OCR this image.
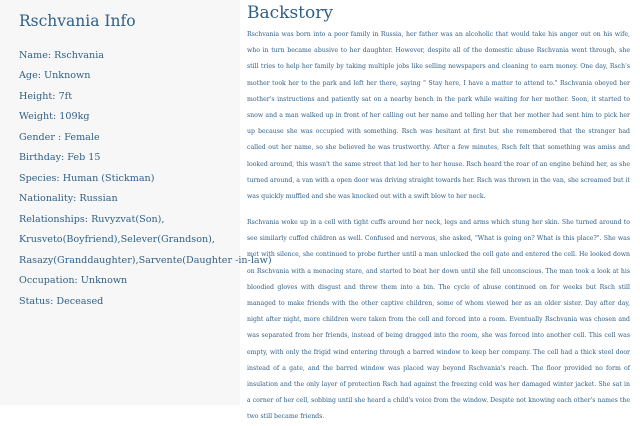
Rschvania Info
Name: Rschvania
Age: Unknown
Height: 7ft
Weight: 109kg
Gender : Female
Birthday: Feb 15
Species: Human (Stickman)
Nationality: Russian
Relationships: Ruvyzvat(Son),
Krusveto(Boyfriend),Selever(Grandson),
Rasazy(Granddaughter),Sarvente(Daughter -in-law)
Occupation: Unknown
Status: Deceased
Backstory

Rschvania was born into a poor family in Russia, her father was an alcoholic that would take his anger out on his wife, who in turn became abusive to her daughter. However, despite all of the domestic abuse Rschvania went through, she still tries to help her family by taking multiple jobs like selling newspapers and cleaning to earn money. One day, Rsch's mother took her to the park and left her there, saying " Stay here, I have a matter to attend to." Rschvania obeyed her mother's instructions and patiently sat on a nearby bench in the park while waiting for her mother. Soon, it started to snow and a man walked up in front of her calling out her name and telling her that her mother had sent him to pick her up because she was occupied with something. Rsch was hesitant at first but she remembered that the stranger had called out her name, so she believed he was trustworthy. After a few minutes, Rsch felt that something was amiss and looked around, this wasn't the same street that led her to her house. Rsch heard the roar of an engine behind her, as she turned around, a van with a open door was driving straight towards her. Rsch was thrown in the van, she screamed but it was quickly muffled and she was knocked out with a swift blow to her neck.

Rschvania woke up in a cell with tight cuffs around her neck, legs and arms which stung her skin. She turned around to see similarly cuffed children as well. Confused and nervous, she asked, "What is going on? What is this place?". She was met with silence, she continued to probe further until a man unlocked the cell gate and entered the cell. He looked down on Rschvania with a menacing stare, and started to beat her down until she fell unconscious. The man took a look at his bloodied gloves with disgust and threw them into a bin. The cycle of abuse continued on for weeks but Rsch still managed to make friends with the other captive children, some of whom viewed her as an older sister. Day after day, night after night, more children were taken from the cell and forced into a room. Eventually Rschvania was chosen and was separated from her friends, instead of being dragged into the room, she was forced into another cell. This cell was empty, with only the frigid wind entering through a barred window to keep her company. The cell had a thick steel door instead of a gate, and the barred window was placed way beyond Rschvania's reach. The floor provided no form of insulation and the only layer of protection Rsch had against the freezing cold was her damaged winter jacket. She sat in a corner of her cell, sobbing until she heard a child's voice from the window. Despite not knowing each other's names the two still became friends.
